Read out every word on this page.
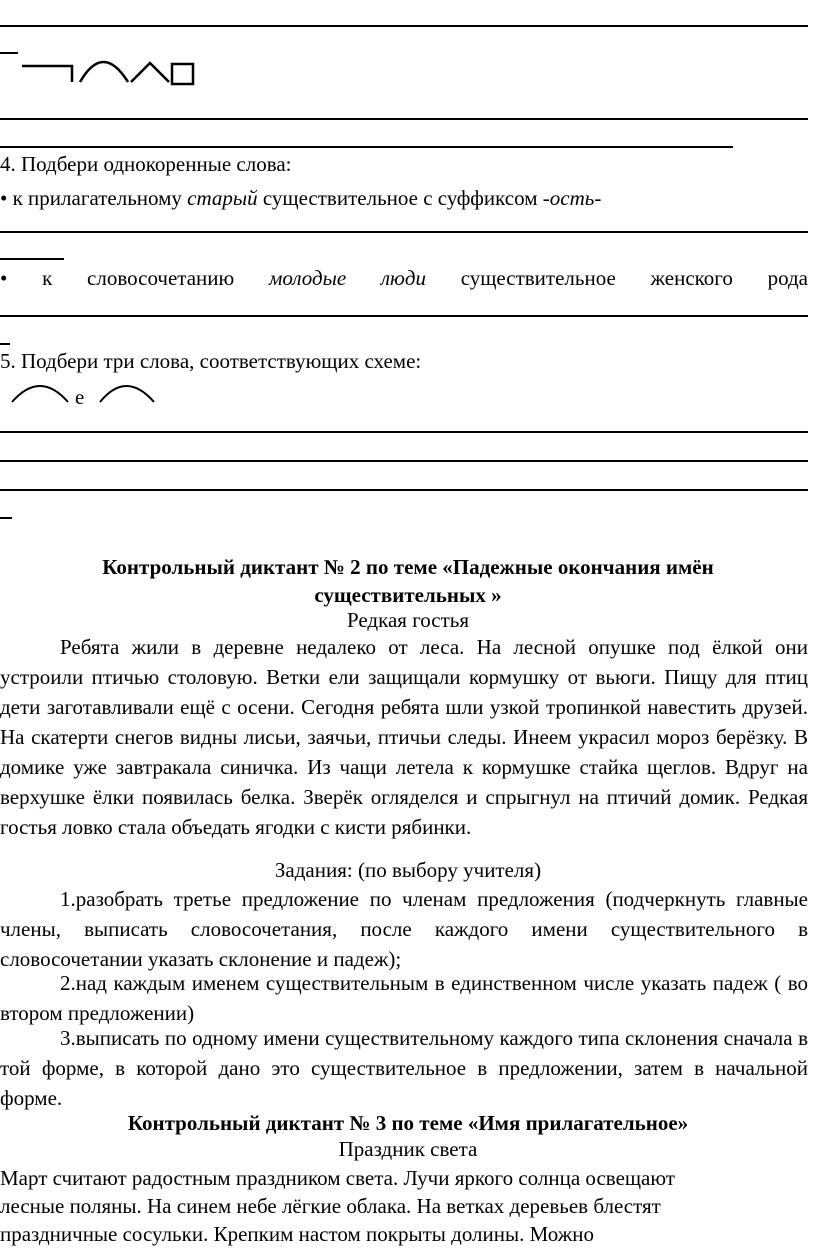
4. Подбери однокоренные слова:
• к прилагательному старый существительное с суффиксом -ость-
• к словосочетанию молодые люди существительное женского рода
5. Подбери три слова, соответствующих схеме:
е
Контрольный диктант № 2 по теме «Падежные окончания имён
существительных »
Редкая гостья
Ребята жили в деревне недалеко от леса. На лесной опушке под ёлкой они устроили птичью столовую. Ветки ели защищали кормушку от вьюги. Пищу для птиц дети заготавливали ещё с осени. Сегодня ребята шли узкой тропинкой навестить друзей. На скатерти снегов видны лисьи, заячьи, птичьи следы. Инеем украсил мороз берёзку. В домике уже завтракала синичка. Из чащи летела к кормушке стайка щеглов. Вдруг на верхушке ёлки появилась белка. Зверёк огляделся и спрыгнул на птичий домик. Редкая гостья ловко стала объедать ягодки с кисти рябинки.
Задания: (по выбору учителя)
1.разобрать третье предложение по членам предложения (подчеркнуть главные члены, выписать словосочетания, после каждого имени существительного в словосочетании указать склонение и падеж);
2.над каждым именем существительным в единственном числе указать падеж ( во втором предложении)
3.выписать по одному имени существительному каждого типа склонения сначала в той форме, в которой дано это существительное в предложении, затем в начальной форме.
Контрольный диктант № 3 по теме «Имя прилагательное»
Праздник света
Март считают радостным праздником света. Лучи яркого солнца освещают
лесные поляны. На синем небе лёгкие облака. На ветках деревьев блестят
праздничные сосульки. Крепким настом покрыты долины. Можно
